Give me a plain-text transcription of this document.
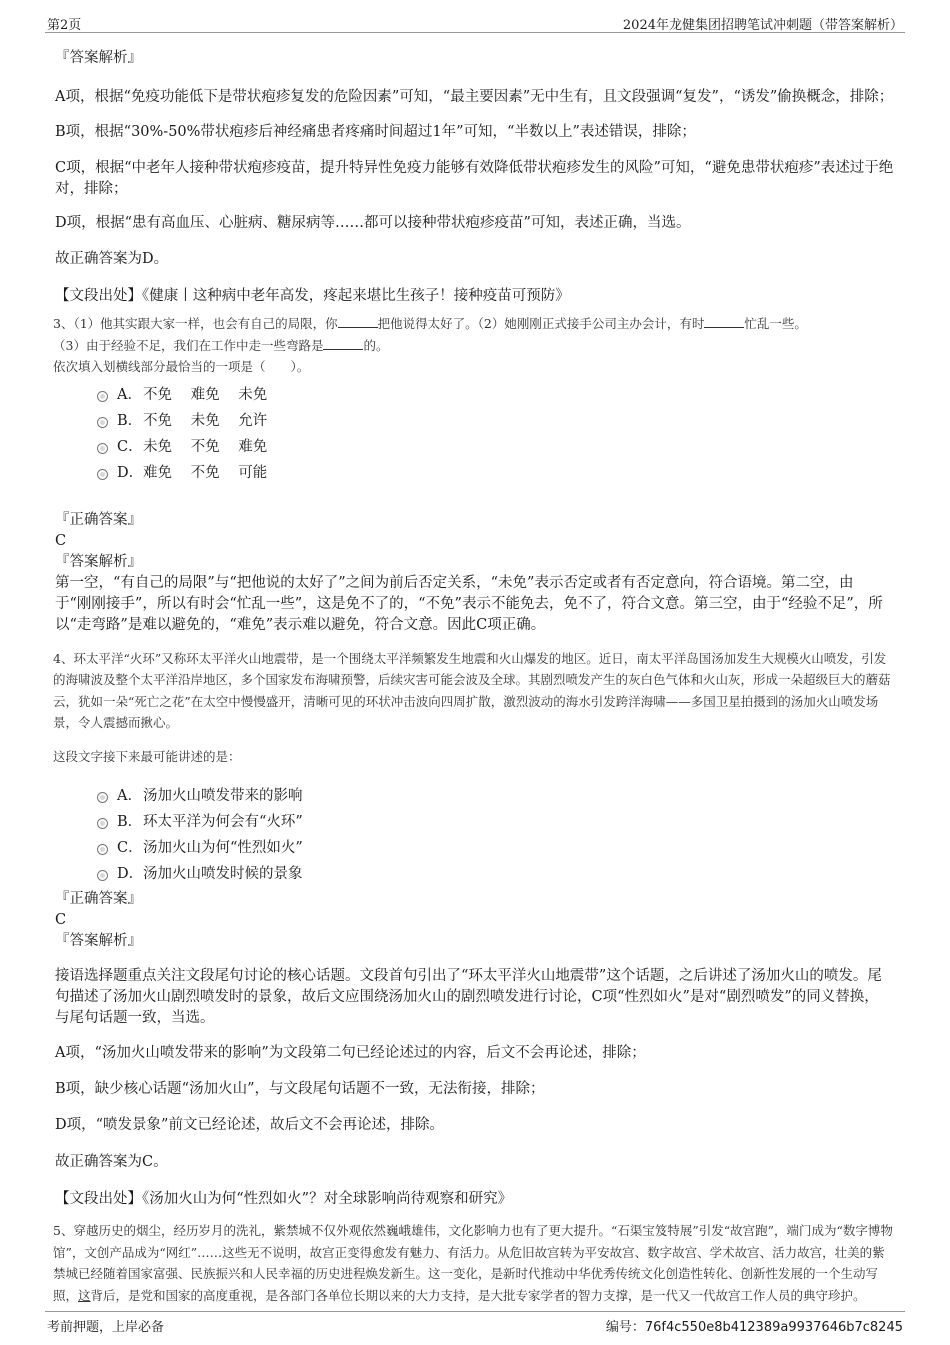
第2页	2024年龙健集团招聘笔试冲刺题（带答案解析）

『答案解析』

A项，根据“免疫功能低下是带状疱疹复发的危险因素”可知，“最主要因素”无中生有，且文段强调“复发”，“诱发”偷换概念，排除；

B项，根据“30%-50%带状疱疹后神经痛患者疼痛时间超过1年”可知，“半数以上”表述错误，排除；

C项，根据“中老年人接种带状疱疹疫苗，提升特异性免疫力能够有效降低带状疱疹发生的风险”可知，“避免患带状疱疹”表述过于绝对，排除；

D项，根据“患有高血压、心脏病、糖尿病等……都可以接种带状疱疹疫苗”可知，表述正确，当选。

故正确答案为D。

【文段出处】《健康丨这种病中老年高发，疼起来堪比生孩子！接种疫苗可预防》

3、（1）他其实跟大家一样，也会有自己的局限，你	把他说得太好了。（2）她刚刚正式接手公司主办会计，有时	忙乱一些。

（3）由于经验不足，我们在工作中走一些弯路是	的。

依次填入划横线部分最恰当的一项是（　　）。

A．不免 难免 未免
B．不免 未免 允许
C．未免 不免 难免
D．难免 不免 可能

『正确答案』

C

『答案解析』

第一空，“有自己的局限”与“把他说的太好了”之间为前后否定关系，“未免”表示否定或者有否定意向，符合语境。第二空，由于“刚刚接手”，所以有时会“忙乱一些”，这是免不了的，“不免”表示不能免去，免不了，符合文意。第三空，由于“经验不足”，所以“走弯路”是难以避免的，“难免”表示难以避免，符合文意。因此C项正确。

4、环太平洋“火环”又称环太平洋火山地震带，是一个围绕太平洋频繁发生地震和火山爆发的地区。近日，南太平洋岛国汤加发生大规模火山喷发，引发的海啸波及整个太平洋沿岸地区，多个国家发布海啸预警，后续灾害可能会波及全球。其剧烈喷发产生的灰白色气体和火山灰，形成一朵超级巨大的蘑菇云，犹如一朵“死亡之花”在太空中慢慢盛开，清晰可见的环状冲击波向四周扩散，激烈波动的海水引发跨洋海啸——多国卫星拍摄到的汤加火山喷发场景，令人震撼而揪心。

这段文字接下来最可能讲述的是：

A．汤加火山喷发带来的影响
B．环太平洋为何会有“火环”
C．汤加火山为何“性烈如火”
D．汤加火山喷发时候的景象

『正确答案』

C

『答案解析』

接语选择题重点关注文段尾句讨论的核心话题。文段首句引出了“环太平洋火山地震带”这个话题，之后讲述了汤加火山的喷发。尾句描述了汤加火山剧烈喷发时的景象，故后文应围绕汤加火山的剧烈喷发进行讨论，C项“性烈如火”是对“剧烈喷发”的同义替换，与尾句话题一致，当选。

A项，“汤加火山喷发带来的影响”为文段第二句已经论述过的内容，后文不会再论述，排除；

B项，缺少核心话题“汤加火山”，与文段尾句话题不一致，无法衔接，排除；

D项，“喷发景象”前文已经论述，故后文不会再论述，排除。

故正确答案为C。

【文段出处】《汤加火山为何“性烈如火”？对全球影响尚待观察和研究》

5、穿越历史的烟尘，经历岁月的洗礼，紫禁城不仅外观依然巍峨雄伟，文化影响力也有了更大提升。“石渠宝笈特展”引发“故宫跑”，端门成为“数字博物馆”，文创产品成为“网红”……这些无不说明，故宫正变得愈发有魅力、有活力。从危旧故宫转为平安故宫、数字故宫、学术故宫、活力故宫，壮美的紫禁城已经随着国家富强、民族振兴和人民幸福的历史进程焕发新生。这一变化，是新时代推动中华优秀传统文化创造性转化、创新性发展的一个生动写照，这背后，是党和国家的高度重视，是各部门各单位长期以来的大力支持，是大批专家学者的智力支撑，是一代又一代故宫工作人员的典守珍护。

考前押题，上岸必备	编号：76f4c550e8b412389a9937646b7c8245
